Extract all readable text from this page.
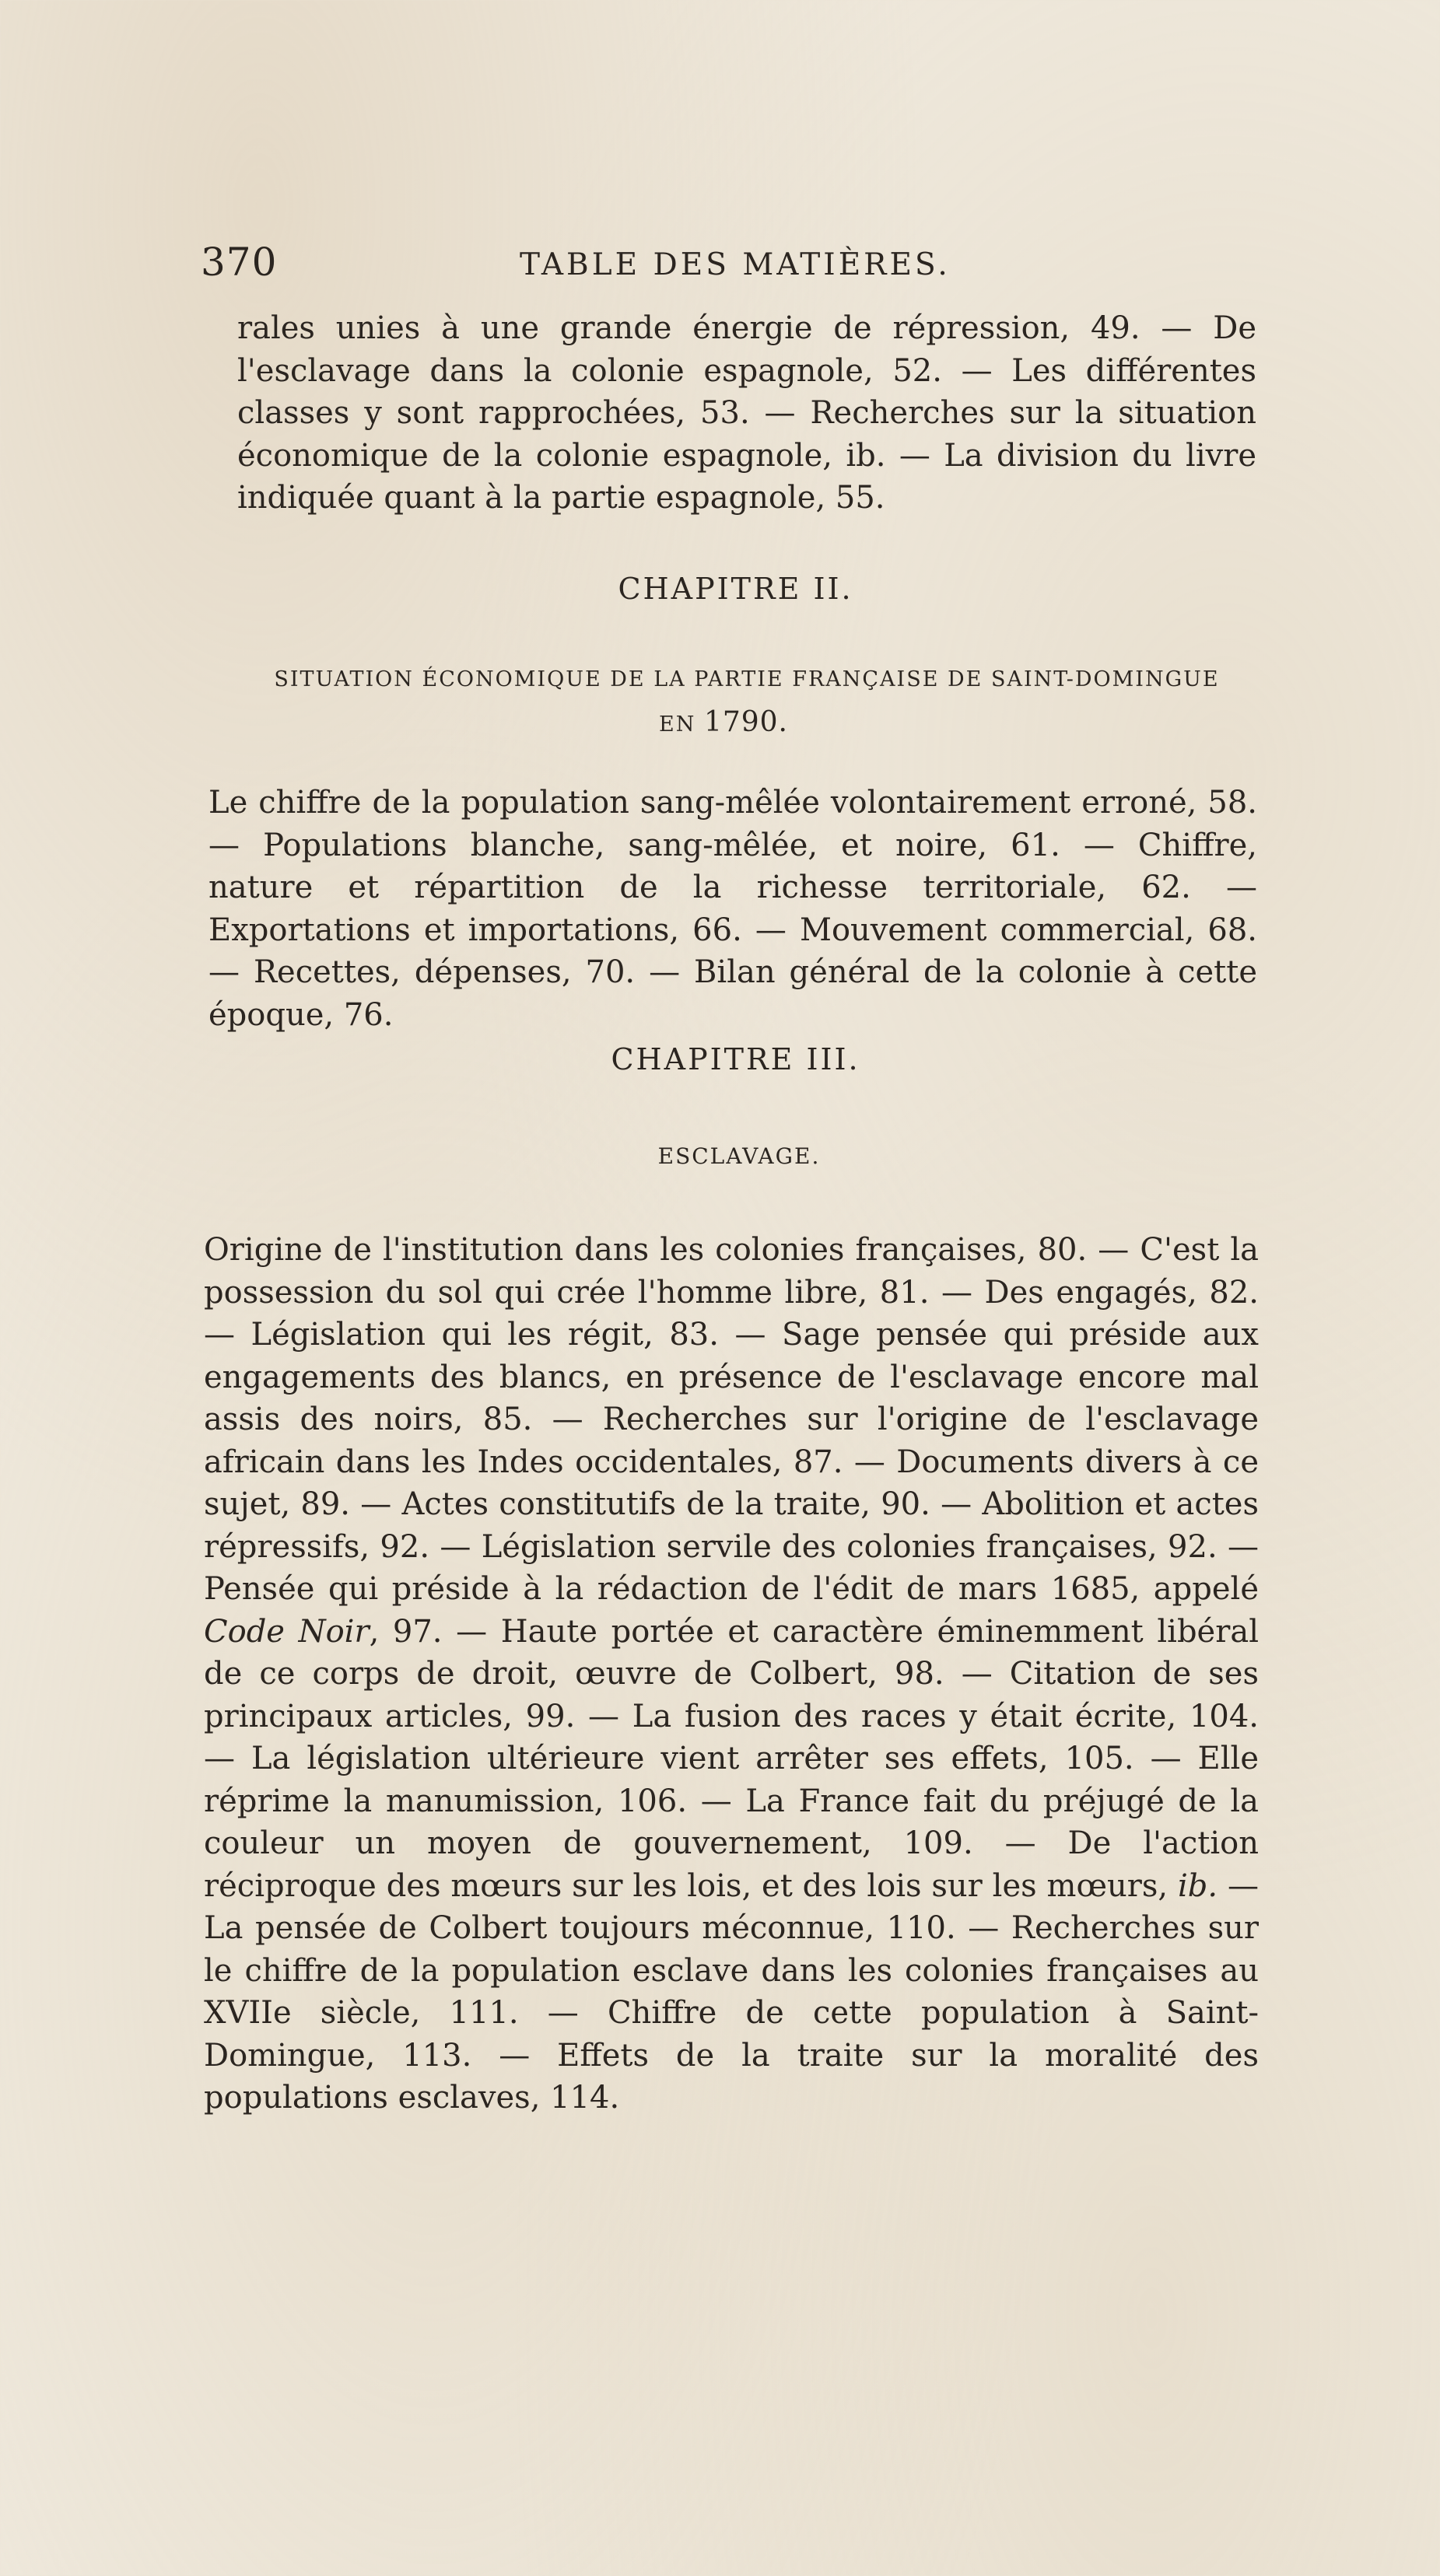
370	TABLE DES MATIÈRES.

rales unies à une grande énergie de répression, 49. — De l'esclavage dans la colonie espagnole, 52. — Les différentes classes y sont rapprochées, 53. — Recherches sur la situation économique de la colonie espagnole, ib. — La division du livre indiquée quant à la partie espagnole, 55.

CHAPITRE II.
SITUATION ÉCONOMIQUE DE LA PARTIE FRANÇAISE DE SAINT-DOMINGUE
EN 1790.

Le chiffre de la population sang-mêlée volontairement erroné, 58. — Populations blanche, sang-mêlée, et noire, 61. — Chiffre, nature et répartition de la richesse territoriale, 62. — Exportations et importations, 66. — Mouvement commercial, 68. — Recettes, dépenses, 70. — Bilan général de la colonie à cette époque, 76.

CHAPITRE III.
ESCLAVAGE.

Origine de l'institution dans les colonies françaises, 80. — C'est la possession du sol qui crée l'homme libre, 81. — Des engagés, 82. — Législation qui les régit, 83. — Sage pensée qui préside aux engagements des blancs, en présence de l'esclavage encore mal assis des noirs, 85. — Recherches sur l'origine de l'esclavage africain dans les Indes occidentales, 87. — Documents divers à ce sujet, 89. — Actes constitutifs de la traite, 90. — Abolition et actes répressifs, 92. — Législation servile des colonies françaises, 92. — Pensée qui préside à la rédaction de l'édit de mars 1685, appelé Code Noir, 97. — Haute portée et caractère éminemment libéral de ce corps de droit, œuvre de Colbert, 98. — Citation de ses principaux articles, 99. — La fusion des races y était écrite, 104. — La législation ultérieure vient arrêter ses effets, 105. — Elle réprime la manumission, 106. — La France fait du préjugé de la couleur un moyen de gouvernement, 109. — De l'action réciproque des mœurs sur les lois, et des lois sur les mœurs, ib. — La pensée de Colbert toujours méconnue, 110. — Recherches sur le chiffre de la population esclave dans les colonies françaises au XVIIe siècle, 111. — Chiffre de cette population à Saint-Domingue, 113. — Effets de la traite sur la moralité des populations esclaves, 114.
